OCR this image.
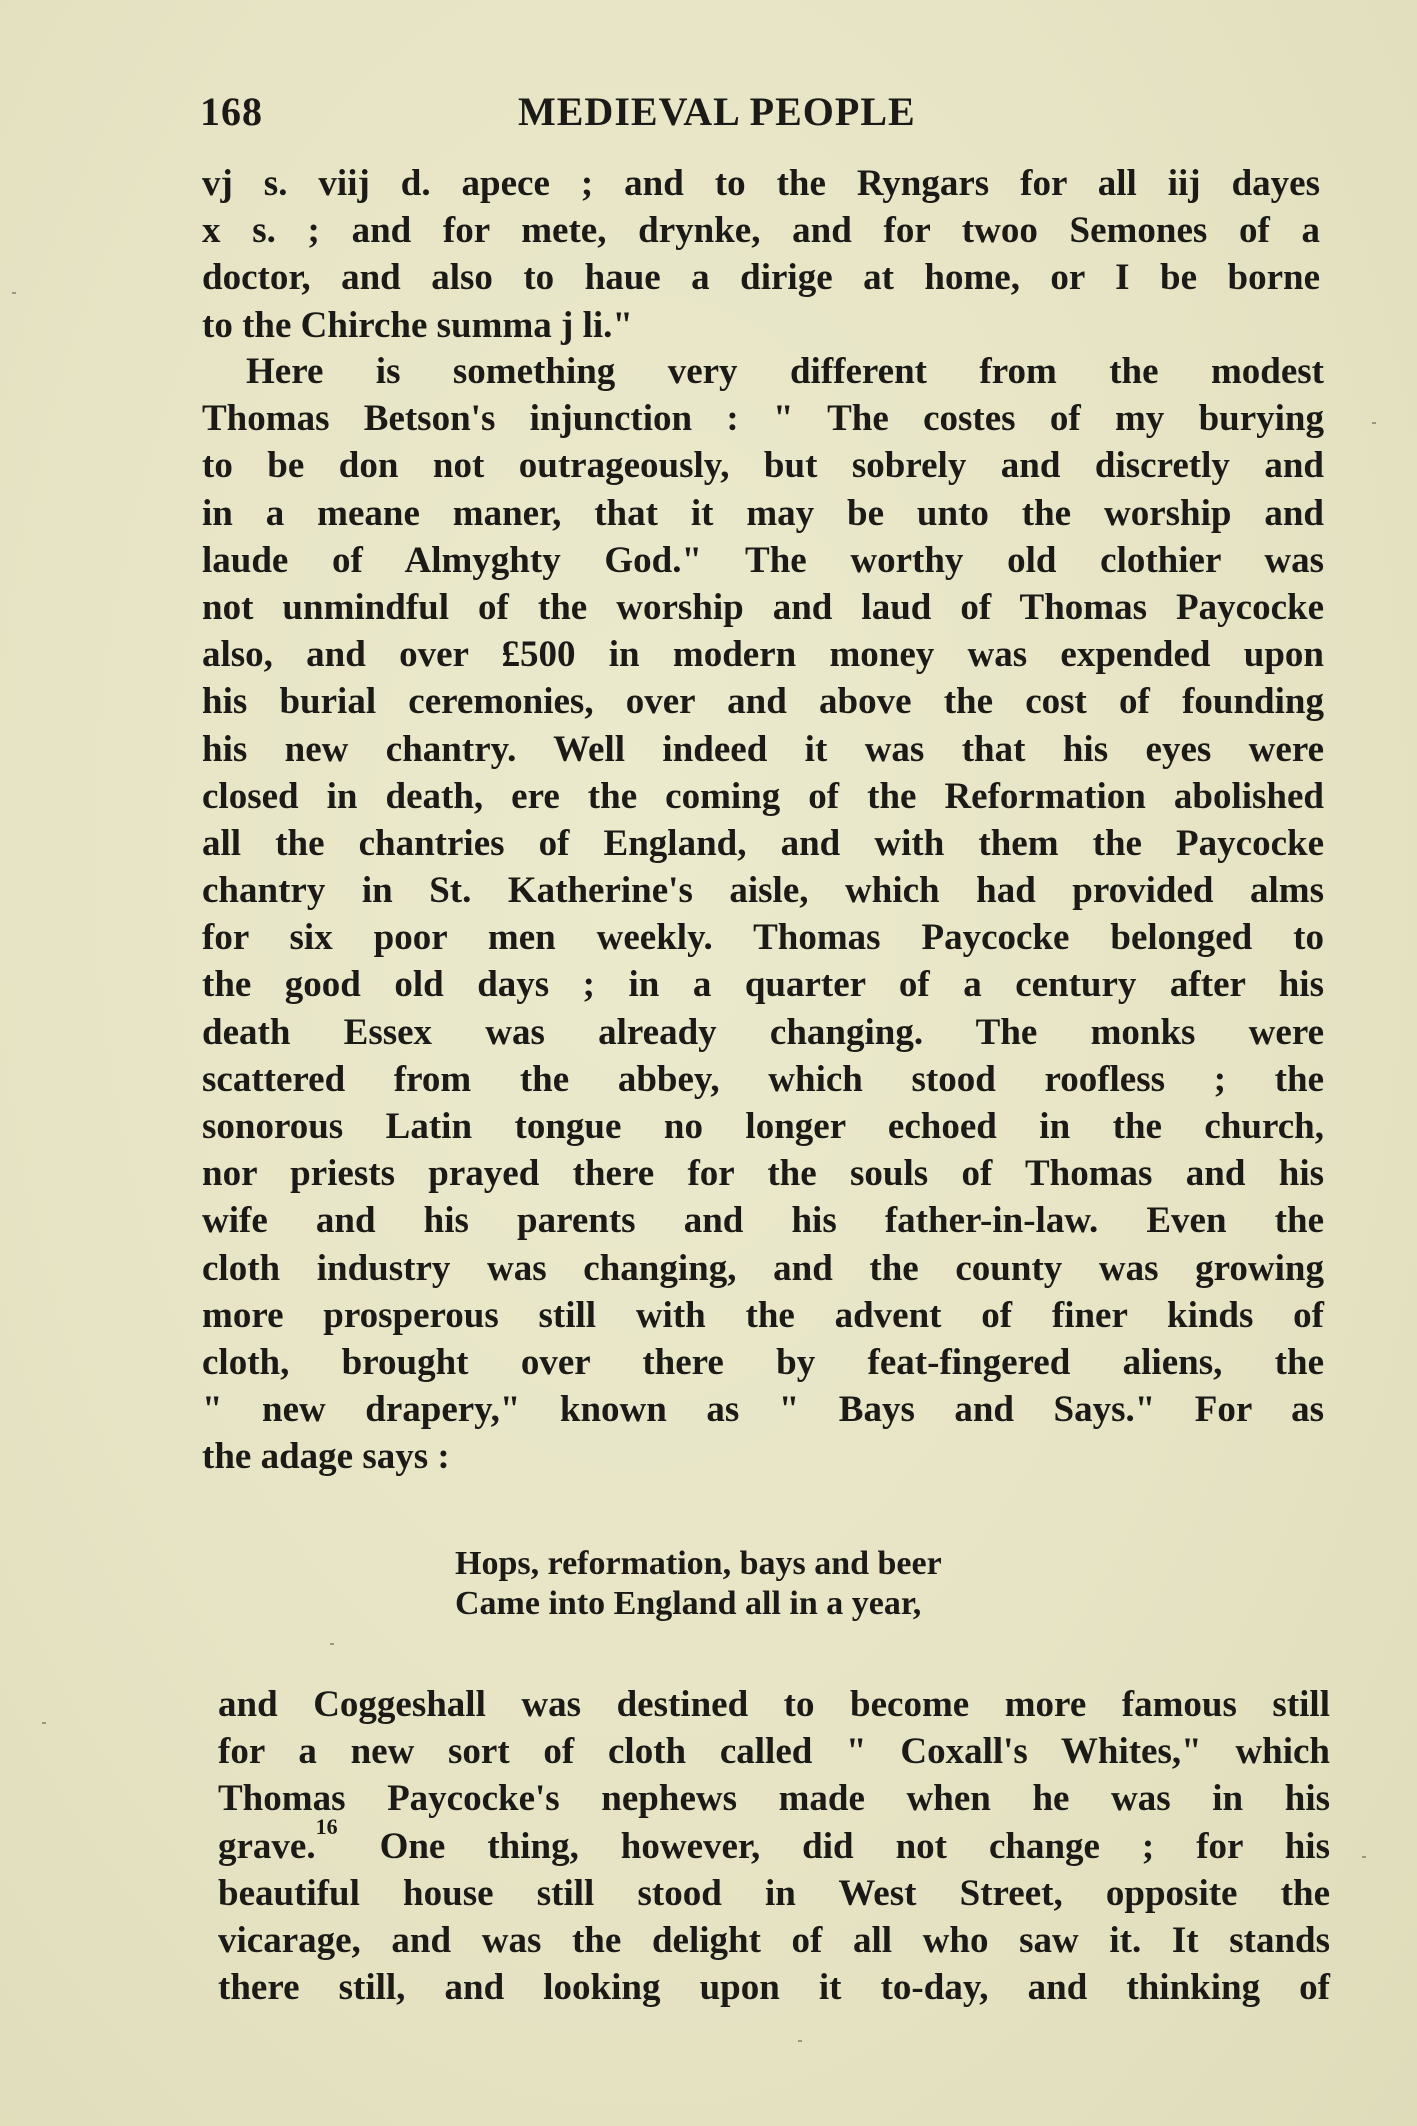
168	MEDIEVAL PEOPLE
vj s. viij d. apece ; and to the Ryngars for all iij dayes
x s. ; and for mete, drynke, and for twoo Semones of a
doctor, and also to haue a dirige at home, or I be borne
to the Chirche summa j li."
Here is something very different from the modest
Thomas Betson's injunction : " The costes of my burying
to be don not outrageously, but sobrely and discretly and
in a meane maner, that it may be unto the worship and
laude of Almyghty God." The worthy old clothier was
not unmindful of the worship and laud of Thomas Paycocke
also, and over £500 in modern money was expended upon
his burial ceremonies, over and above the cost of founding
his new chantry. Well indeed it was that his eyes were
closed in death, ere the coming of the Reformation abolished
all the chantries of England, and with them the Paycocke
chantry in St. Katherine's aisle, which had provided alms
for six poor men weekly. Thomas Paycocke belonged to
the good old days ; in a quarter of a century after his
death Essex was already changing. The monks were
scattered from the abbey, which stood roofless ; the
sonorous Latin tongue no longer echoed in the church,
nor priests prayed there for the souls of Thomas and his
wife and his parents and his father-in-law. Even the
cloth industry was changing, and the county was growing
more prosperous still with the advent of finer kinds of
cloth, brought over there by feat-fingered aliens, the
" new drapery," known as " Bays and Says." For as
the adage says :
Hops, reformation, bays and beer
Came into England all in a year,
and Coggeshall was destined to become more famous still
for a new sort of cloth called " Coxall's Whites," which
Thomas Paycocke's nephews made when he was in his
grave.$^{16}$ One thing, however, did not change ; for his
beautiful house still stood in West Street, opposite the
vicarage, and was the delight of all who saw it. It stands
there still, and looking upon it to-day, and thinking of
